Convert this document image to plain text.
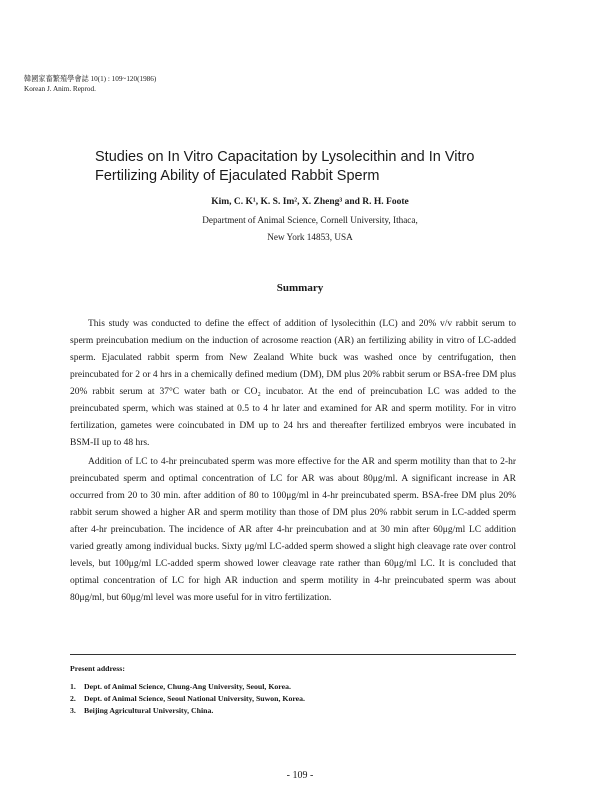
韓國家畜繁殖學會誌 10(1) : 109~120(1986)
Korean J. Anim. Reprod.
Studies on In Vitro Capacitation by Lysolecithin and In Vitro
Fertilizing Ability of Ejaculated Rabbit Sperm
Kim, C. K¹, K. S. Im², X. Zheng³ and R. H. Foote
Department of Animal Science, Cornell University, Ithaca,
New York 14853, USA
Summary

This study was conducted to define the effect of addition of lysolecithin (LC) and 20% v/v rabbit serum to sperm preincubation medium on the induction of acrosome reaction (AR) an fertilizing ability in vitro of LC-added sperm. Ejaculated rabbit sperm from New Zealand White buck was washed once by centrifugation, then preincubated for 2 or 4 hrs in a chemically defined medium (DM), DM plus 20% rabbit serum or BSA-free DM plus 20% rabbit serum at 37°C water bath or CO₂ incubator. At the end of preincubation LC was added to the preincubated sperm, which was stained at 0.5 to 4 hr later and examined for AR and sperm motility. For in vitro fertilization, gametes were coincubated in DM up to 24 hrs and thereafter fertilized embryos were incubated in BSM-II up to 48 hrs.

Addition of LC to 4-hr preincubated sperm was more effective for the AR and sperm motility than that to 2-hr preincubated sperm and optimal concentration of LC for AR was about 80μg/ml. A significant increase in AR occurred from 20 to 30 min. after addition of 80 to 100μg/ml in 4-hr preincubated sperm. BSA-free DM plus 20% rabbit serum showed a higher AR and sperm motility than those of DM plus 20% rabbit serum in LC-added sperm after 4-hr preincubation. The incidence of AR after 4-hr preincubation and at 30 min after 60μg/ml LC addition varied greatly among individual bucks. Sixty μg/ml LC-added sperm showed a slight high cleavage rate over control levels, but 100μg/ml LC-added sperm showed lower cleavage rate rather than 60μg/ml LC. It is concluded that optimal concentration of LC for high AR induction and sperm motility in 4-hr preincubated sperm was about 80μg/ml, but 60μg/ml level was more useful for in vitro fertilization.

Present address:
1.	Dept. of Animal Science, Chung-Ang University, Seoul, Korea.
2.	Dept. of Animal Science, Seoul National University, Suwon, Korea.
3.	Beijing Agricultural University, China.
- 109 -
